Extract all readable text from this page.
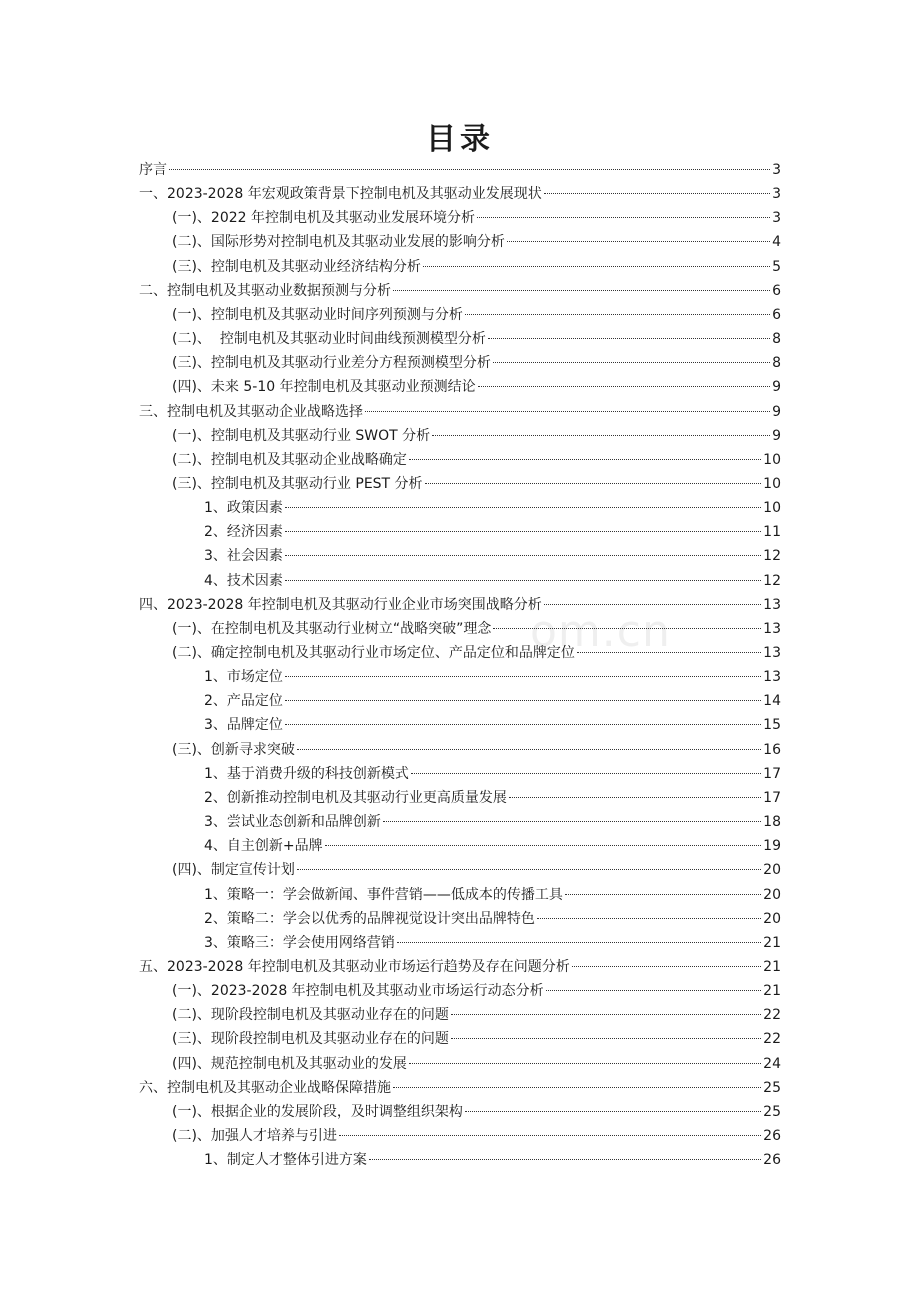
目录
om.cn
序言	3
一、2023-2028 年宏观政策背景下控制电机及其驱动业发展现状	3
(一)、2022 年控制电机及其驱动业发展环境分析	3
(二)、国际形势对控制电机及其驱动业发展的影响分析	4
(三)、控制电机及其驱动业经济结构分析	5
二、控制电机及其驱动业数据预测与分析	6
(一)、控制电机及其驱动业时间序列预测与分析	6
(二)、  控制电机及其驱动业时间曲线预测模型分析	8
(三)、控制电机及其驱动行业差分方程预测模型分析	8
(四)、未来 5-10 年控制电机及其驱动业预测结论	9
三、控制电机及其驱动企业战略选择	9
(一)、控制电机及其驱动行业 SWOT 分析	9
(二)、控制电机及其驱动企业战略确定	10
(三)、控制电机及其驱动行业 PEST 分析	10
1、政策因素	10
2、经济因素	11
3、社会因素	12
4、技术因素	12
四、2023-2028 年控制电机及其驱动行业企业市场突围战略分析	13
(一)、在控制电机及其驱动行业树立“战略突破”理念	13
(二)、确定控制电机及其驱动行业市场定位、产品定位和品牌定位	13
1、市场定位	13
2、产品定位	14
3、品牌定位	15
(三)、创新寻求突破	16
1、基于消费升级的科技创新模式	17
2、创新推动控制电机及其驱动行业更高质量发展	17
3、尝试业态创新和品牌创新	18
4、自主创新+品牌	19
(四)、制定宣传计划	20
1、策略一：学会做新闻、事件营销——低成本的传播工具	20
2、策略二：学会以优秀的品牌视觉设计突出品牌特色	20
3、策略三：学会使用网络营销	21
五、2023-2028 年控制电机及其驱动业市场运行趋势及存在问题分析	21
(一)、2023-2028 年控制电机及其驱动业市场运行动态分析	21
(二)、现阶段控制电机及其驱动业存在的问题	22
(三)、现阶段控制电机及其驱动业存在的问题	22
(四)、规范控制电机及其驱动业的发展	24
六、控制电机及其驱动企业战略保障措施	25
(一)、根据企业的发展阶段，及时调整组织架构	25
(二)、加强人才培养与引进	26
1、制定人才整体引进方案	26
